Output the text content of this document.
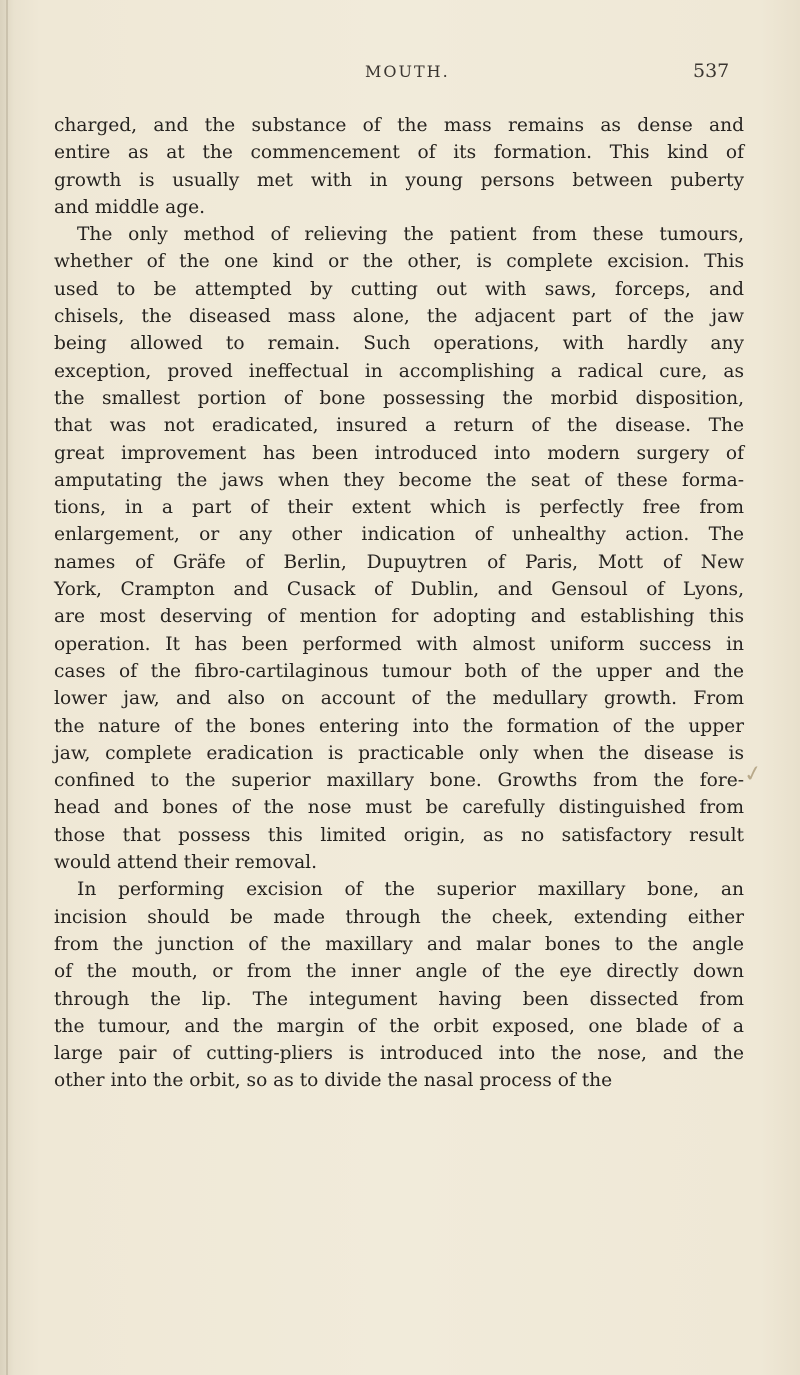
MOUTH.	537
charged, and the substance of the mass remains as dense and
entire as at the commencement of its formation. This kind of
growth is usually met with in young persons between puberty
and middle age.
The only method of relieving the patient from these tumours,
whether of the one kind or the other, is complete excision. This
used to be attempted by cutting out with saws, forceps, and
chisels, the diseased mass alone, the adjacent part of the jaw
being allowed to remain. Such operations, with hardly any
exception, proved ineffectual in accomplishing a radical cure, as
the smallest portion of bone possessing the morbid disposition,
that was not eradicated, insured a return of the disease. The
great improvement has been introduced into modern surgery of
amputating the jaws when they become the seat of these forma-
tions, in a part of their extent which is perfectly free from
enlargement, or any other indication of unhealthy action. The
names of Gräfe of Berlin, Dupuytren of Paris, Mott of New
York, Crampton and Cusack of Dublin, and Gensoul of Lyons,
are most deserving of mention for adopting and establishing this
operation. It has been performed with almost uniform success in
cases of the fibro-cartilaginous tumour both of the upper and the
lower jaw, and also on account of the medullary growth. From
the nature of the bones entering into the formation of the upper
jaw, complete eradication is practicable only when the disease is
confined to the superior maxillary bone. Growths from the fore-
head and bones of the nose must be carefully distinguished from
those that possess this limited origin, as no satisfactory result
would attend their removal.
In performing excision of the superior maxillary bone, an
incision should be made through the cheek, extending either
from the junction of the maxillary and malar bones to the angle
of the mouth, or from the inner angle of the eye directly down
through the lip. The integument having been dissected from
the tumour, and the margin of the orbit exposed, one blade of a
large pair of cutting-pliers is introduced into the nose, and the
other into the orbit, so as to divide the nasal process of the
✓
